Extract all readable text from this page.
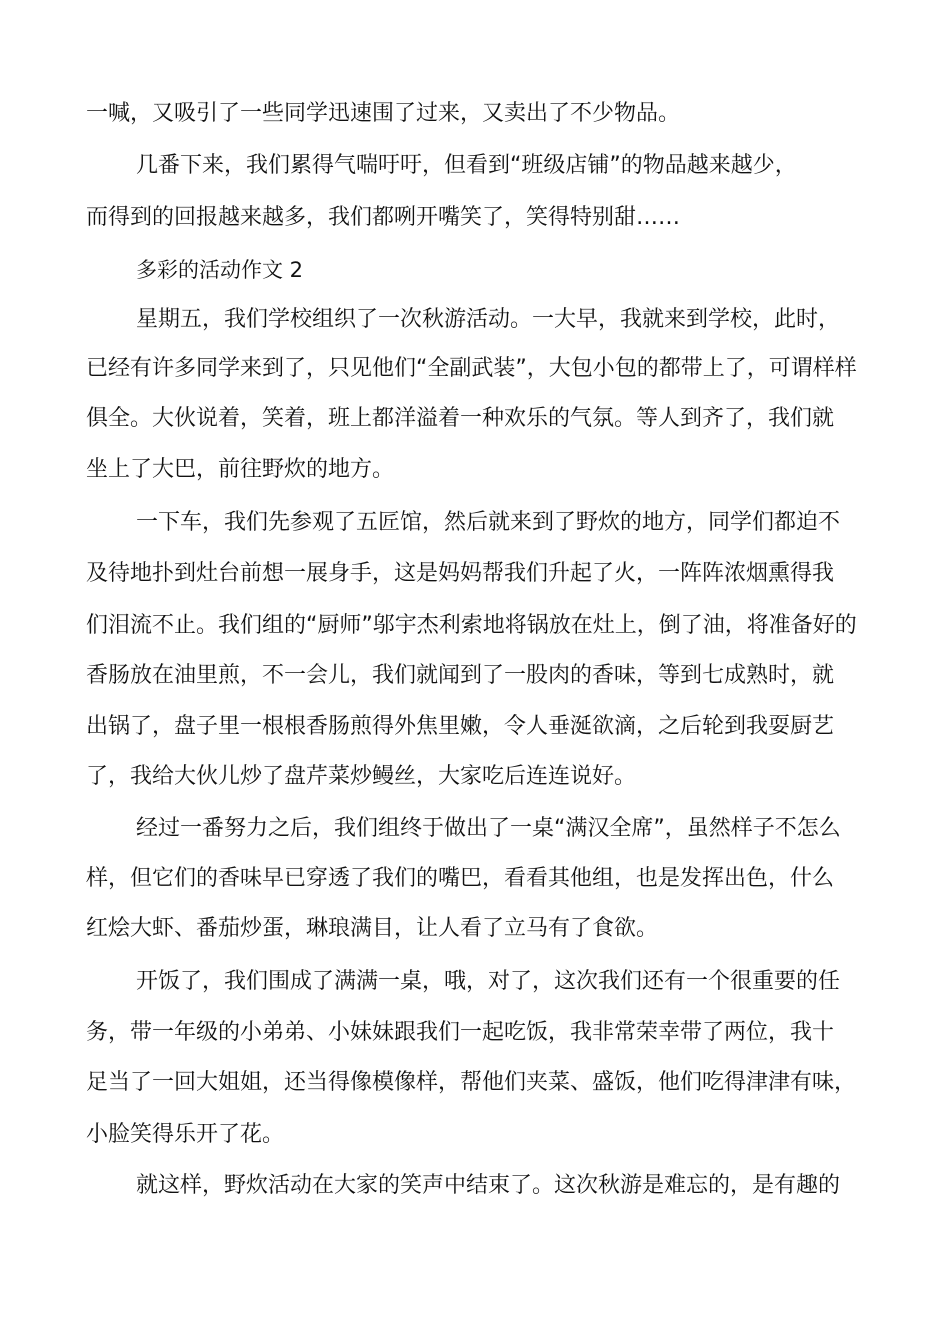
一喊，又吸引了一些同学迅速围了过来，又卖出了不少物品。
几番下来，我们累得气喘吁吁，但看到“班级店铺”的物品越来越少，
而得到的回报越来越多，我们都咧开嘴笑了，笑得特别甜……
多彩的活动作文 2
星期五，我们学校组织了一次秋游活动。一大早，我就来到学校，此时，
已经有许多同学来到了，只见他们“全副武装”，大包小包的都带上了，可谓样样
俱全。大伙说着，笑着，班上都洋溢着一种欢乐的气氛。等人到齐了，我们就
坐上了大巴，前往野炊的地方。
一下车，我们先参观了五匠馆，然后就来到了野炊的地方，同学们都迫不
及待地扑到灶台前想一展身手，这是妈妈帮我们升起了火，一阵阵浓烟熏得我
们泪流不止。我们组的“厨师”邬宇杰利索地将锅放在灶上，倒了油，将准备好的
香肠放在油里煎，不一会儿，我们就闻到了一股肉的香味，等到七成熟时，就
出锅了，盘子里一根根香肠煎得外焦里嫩，令人垂涎欲滴，之后轮到我耍厨艺
了，我给大伙儿炒了盘芹菜炒鳗丝，大家吃后连连说好。
经过一番努力之后，我们组终于做出了一桌“满汉全席”，虽然样子不怎么
样，但它们的香味早已穿透了我们的嘴巴，看看其他组，也是发挥出色，什么
红烩大虾、番茄炒蛋，琳琅满目，让人看了立马有了食欲。
开饭了，我们围成了满满一桌，哦，对了，这次我们还有一个很重要的任
务，带一年级的小弟弟、小妹妹跟我们一起吃饭，我非常荣幸带了两位，我十
足当了一回大姐姐，还当得像模像样，帮他们夹菜、盛饭，他们吃得津津有味，
小脸笑得乐开了花。
就这样，野炊活动在大家的笑声中结束了。这次秋游是难忘的，是有趣的
